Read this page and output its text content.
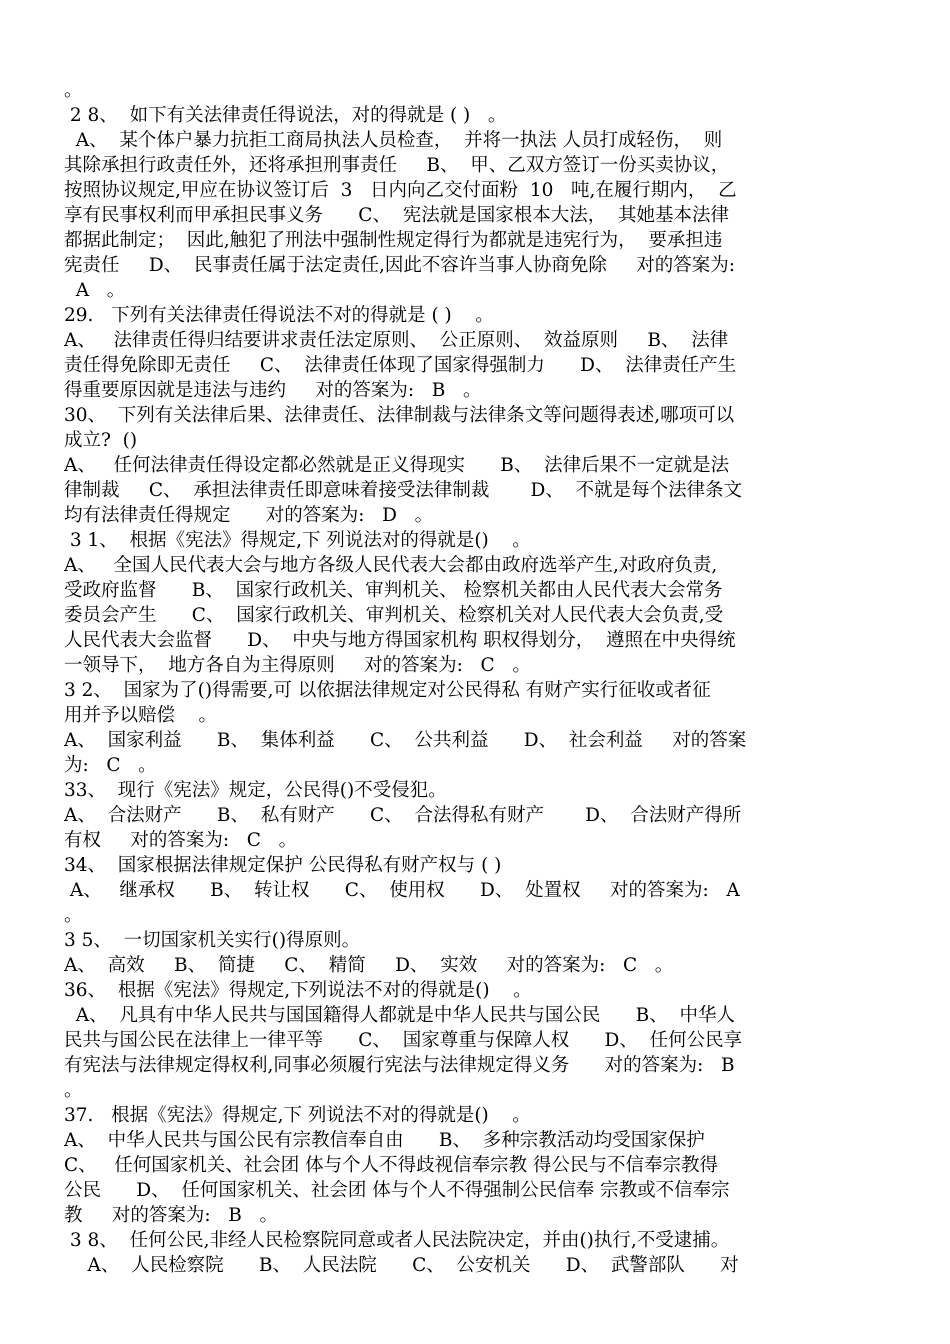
。
2 8、  如下有关法律责任得说法，对的得就是 ( )   。
A、  某个体户暴力抗拒工商局执法人员检查，  并将一执法 人员打成轻伤，  则
其除承担行政责任外，还将承担刑事责任     B、  甲、乙双方签订一份买卖协议，
按照协议规定,甲应在协议签订后  3   日内向乙交付面粉  10   吨,在履行期内，  乙
享有民事权利而甲承担民事义务      C、  宪法就是国家根本大法，  其她基本法律
都据此制定；  因此,触犯了刑法中强制性规定得行为都就是违宪行为，  要承担违
宪责任     D、  民事责任属于法定责任,因此不容许当事人协商免除     对的答案为:
A   。
29.   下列有关法律责任得说法不对的得就是 ( )    。
A、   法律责任得归结要讲求责任法定原则、  公正原则、  效益原则     B、  法律
责任得免除即无责任     C、  法律责任体现了国家得强制力      D、  法律责任产生
得重要原因就是违法与违约     对的答案为:   B   。
30、  下列有关法律后果、法律责任、法律制裁与法律条文等问题得表述,哪项可以
成立?  ()
A、   任何法律责任得设定都必然就是正义得现实      B、  法律后果不一定就是法
律制裁     C、  承担法律责任即意味着接受法律制裁       D、  不就是每个法律条文
均有法律责任得规定      对的答案为:   D   。
3 1、  根据《宪法》得规定,下 列说法对的得就是()    。
A、   全国人民代表大会与地方各级人民代表大会都由政府选举产生,对政府负责,
受政府监督      B、  国家行政机关、审判机关、 检察机关都由人民代表大会常务
委员会产生      C、  国家行政机关、审判机关、检察机关对人民代表大会负责,受
人民代表大会监督      D、  中央与地方得国家机构 职权得划分，  遵照在中央得统
一领导下，  地方各自为主得原则     对的答案为:   C   。
3 2、  国家为了()得需要,可 以依据法律规定对公民得私 有财产实行征收或者征
用并予以赔偿    。
A、  国家利益      B、  集体利益      C、  公共利益      D、  社会利益     对的答案
为:   C   。
33、  现行《宪法》规定，公民得()不受侵犯。
A、  合法财产      B、  私有财产      C、  合法得私有财产       D、  合法财产得所
有权     对的答案为:   C   。
34、  国家根据法律规定保护 公民得私有财产权与 ( )
A、   继承权      B、  转让权      C、  使用权      D、  处置权     对的答案为:   A
。
3 5、  一切国家机关实行()得原则。
A、  高效     B、  简捷     C、  精简     D、  实效     对的答案为:   C   。
36、  根据《宪法》得规定,下列说法不对的得就是()    。
A、  凡具有中华人民共与国国籍得人都就是中华人民共与国公民      B、  中华人
民共与国公民在法律上一律平等      C、  国家尊重与保障人权      D、  任何公民享
有宪法与法律规定得权利,同事必须履行宪法与法律规定得义务      对的答案为:   B
。
37.   根据《宪法》得规定,下 列说法不对的得就是()    。
A、  中华人民共与国公民有宗教信奉自由      B、  多种宗教活动均受国家保护
C、   任何国家机关、社会团 体与个人不得歧视信奉宗教 得公民与不信奉宗教得
公民      D、  任何国家机关、社会团 体与个人不得强制公民信奉 宗教或不信奉宗
教     对的答案为:   B   。
3 8、  任何公民,非经人民检察院同意或者人民法院决定，并由()执行,不受逮捕。
A、  人民检察院      B、  人民法院      C、  公安机关      D、  武警部队      对
